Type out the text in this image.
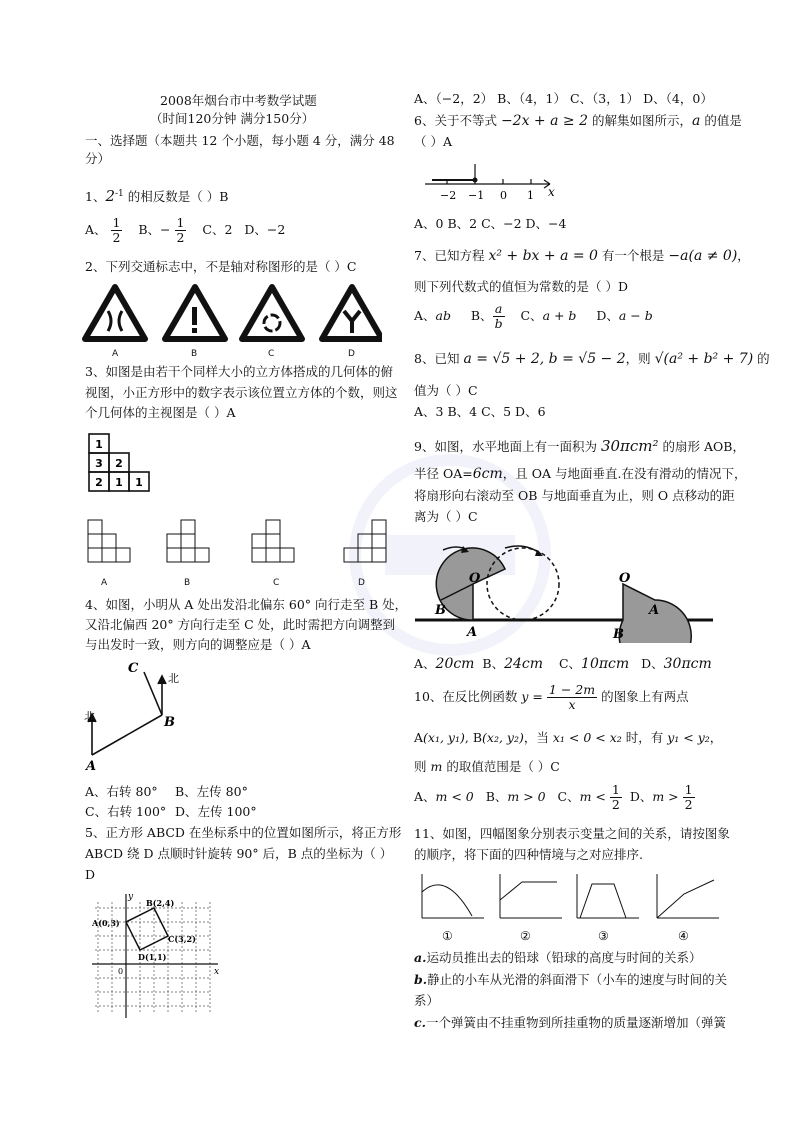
2008年烟台市中考数学试题
（时间120分钟 满分150分）
一、选择题（本题共 12 个小题，每小题 4 分，满分 48
分）
1、$2^{-1}$ 的相反数是（ ）B
A、 $\frac{1}{2}$ B、− $\frac{1}{2}$ C、2 D、−2
2、下列交通标志中，不是轴对称图形的是（ ）C
A	B	C	D
3、如图是由若干个同样大小的立方体搭成的几何体的俯
视图，小正方形中的数字表示该位置立方体的个数，则这
个几何体的主视图是（ ）A
1
3 2
2 1 1
A	B	C	D
4、如图，小明从 A 处出发沿北偏东 60° 向行走至 B 处，
又沿北偏西 20° 方向行走至 C 处，此时需把方向调整到
与出发时一致，则方向的调整应是（ ）A
北
北
A
B
C
A、右转 80° B、左传 80°
C、右转 100° D、左传 100°
5、正方形 ABCD 在坐标系中的位置如图所示，将正方形
ABCD 绕 D 点顺时针旋转 90° 后，B 点的坐标为（ ）
D
x
y
0
A(0,3)
B(2,4)
C(3,2)
D(1,1)
A、（−2，2） B、（4，1） C、（3，1） D、（4，0）
6、关于不等式 −2x + a ≥ 2 的解集如图所示，a 的值是
（ ）A
−2 −1 0 1 x
A、0 B、2 C、−2 D、−4
7、已知方程 x² + bx + a = 0 有一个根是 −a(a ≠ 0)，
则下列代数式的值恒为常数的是（ ）D
A、ab B、 $\frac{a}{b}$ C、a + b D、a − b
8、已知 a = √5 + 2, b = √5 − 2，则 √(a² + b² + 7) 的
值为（ ）C
A、3 B、4 C、5 D、6
9、如图，水平地面上有一面积为 30πcm² 的扇形 AOB，
半径 OA=6cm，且 OA 与地面垂直.在没有滑动的情况下，
将扇形向右滚动至 OB 与地面垂直为止，则 O 点移动的距
离为（ ）C
O	O
A
B	A
B
A、20cm B、24cm C、10πcm D、30πcm
10、在反比例函数 $y = \frac{1 - 2m}{x}$ 的图象上有两点
A(x₁, y₁), B(x₂, y₂)，当 x₁ < 0 < x₂ 时，有 y₁ < y₂，
则 m 的取值范围是（ ）C
A、m < 0 B、m > 0 C、$m < \frac{1}{2}$ D、$m > \frac{1}{2}$
11、如图，四幅图象分别表示变量之间的关系，请按图象
的顺序，将下面的四种情境与之对应排序.
①	②	③	④
a.运动员推出去的铅球（铅球的高度与时间的关系）
b.静止的小车从光滑的斜面滑下（小车的速度与时间的关
系）
c.一个弹簧由不挂重物到所挂重物的质量逐渐增加（弹簧
